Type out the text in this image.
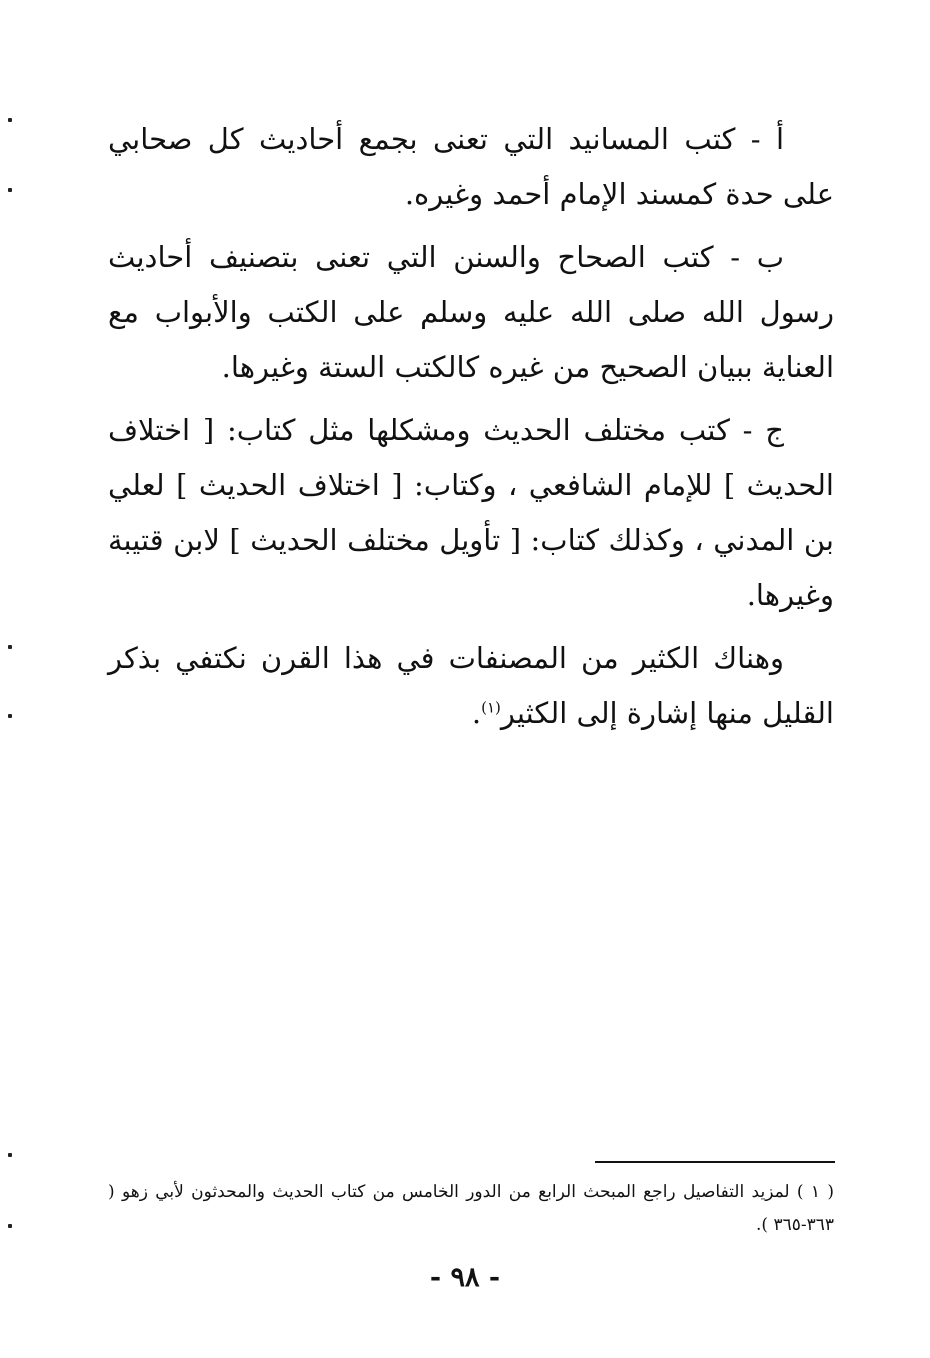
أ - كتب المسانيد التي تعنى بجمع أحاديث كل صحابي على حدة كمسند الإمام أحمد وغيره.

ب - كتب الصحاح والسنن التي تعنى بتصنيف أحاديث رسول الله صلى الله عليه وسلم على الكتب والأبواب مع العناية ببيان الصحيح من غيره كالكتب الستة وغيرها.

ج - كتب مختلف الحديث ومشكلها مثل كتاب: [ اختلاف الحديث ] للإمام الشافعي ، وكتاب: [ اختلاف الحديث ] لعلي بن المدني ، وكذلك كتاب: [ تأويل مختلف الحديث ] لابن قتيبة وغيرها.

وهناك الكثير من المصنفات في هذا القرن نكتفي بذكر القليل منها إشارة إلى الكثير$^{(١)}$.

( ١ ) لمزيد التفاصيل راجع المبحث الرابع من الدور الخامس من كتاب الحديث والمحدثون لأبي زهو ( ٣٦٣-٣٦٥ ).

- ٩٨ -
